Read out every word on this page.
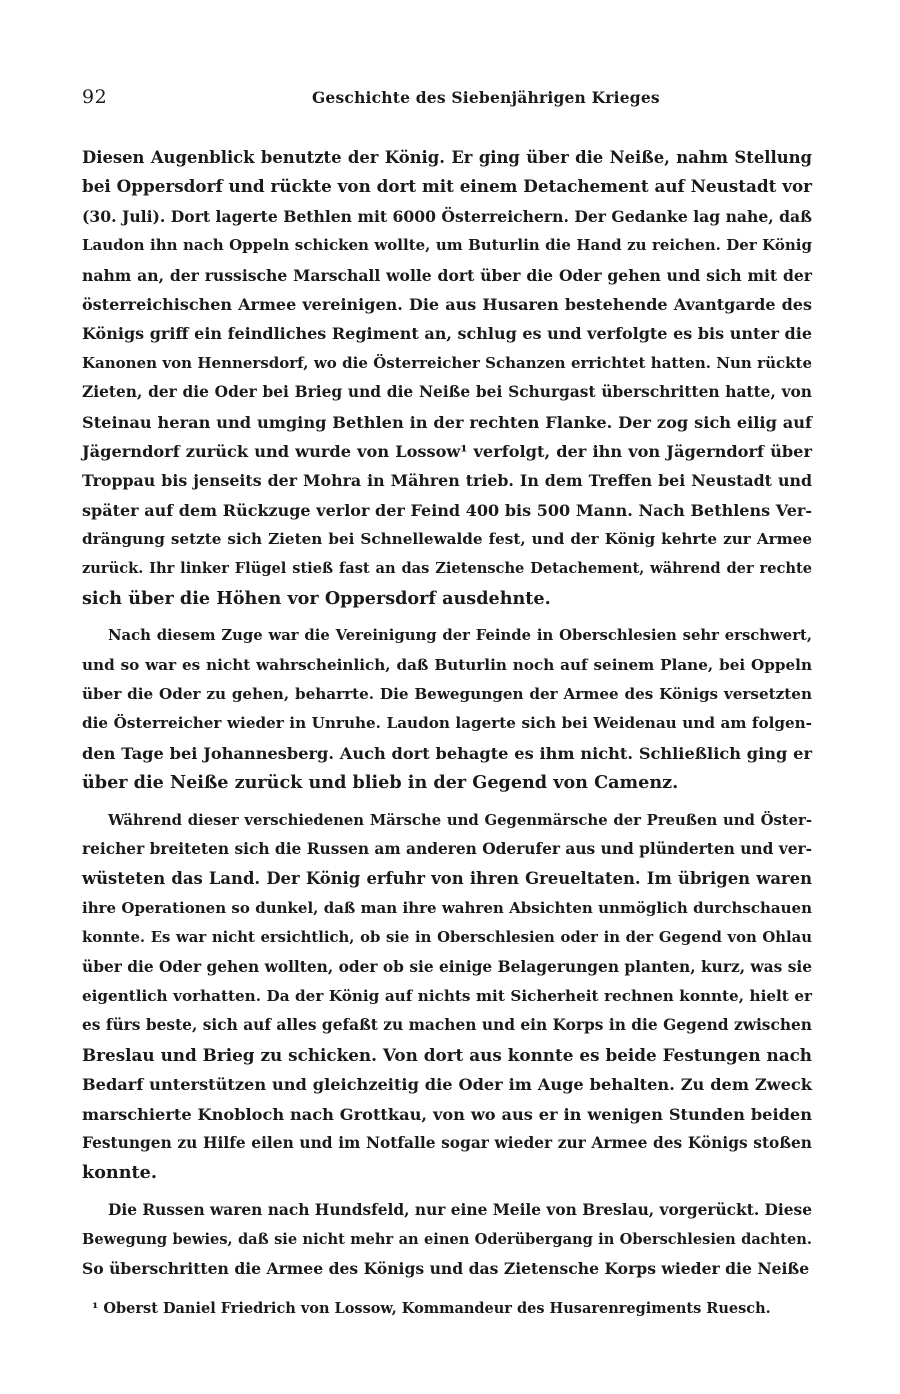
92	Geschichte des Siebenjährigen Krieges
Diesen Augenblick benutzte der König. Er ging über die Neiße, nahm Stellung
bei Oppersdorf und rückte von dort mit einem Detachement auf Neustadt vor
(30. Juli). Dort lagerte Bethlen mit 6000 Österreichern. Der Gedanke lag nahe, daß
Laudon ihn nach Oppeln schicken wollte, um Buturlin die Hand zu reichen. Der König
nahm an, der russische Marschall wolle dort über die Oder gehen und sich mit der
österreichischen Armee vereinigen. Die aus Husaren bestehende Avantgarde des
Königs griff ein feindliches Regiment an, schlug es und verfolgte es bis unter die
Kanonen von Hennersdorf, wo die Österreicher Schanzen errichtet hatten. Nun rückte
Zieten, der die Oder bei Brieg und die Neiße bei Schurgast überschritten hatte, von
Steinau heran und umging Bethlen in der rechten Flanke. Der zog sich eilig auf
Jägerndorf zurück und wurde von Lossow¹ verfolgt, der ihn von Jägerndorf über
Troppau bis jenseits der Mohra in Mähren trieb. In dem Treffen bei Neustadt und
später auf dem Rückzuge verlor der Feind 400 bis 500 Mann. Nach Bethlens Ver-
drängung setzte sich Zieten bei Schnellewalde fest, und der König kehrte zur Armee
zurück. Ihr linker Flügel stieß fast an das Zietensche Detachement, während der rechte
sich über die Höhen vor Oppersdorf ausdehnte.
Nach diesem Zuge war die Vereinigung der Feinde in Oberschlesien sehr erschwert,
und so war es nicht wahrscheinlich, daß Buturlin noch auf seinem Plane, bei Oppeln
über die Oder zu gehen, beharrte. Die Bewegungen der Armee des Königs versetzten
die Österreicher wieder in Unruhe. Laudon lagerte sich bei Weidenau und am folgen-
den Tage bei Johannesberg. Auch dort behagte es ihm nicht. Schließlich ging er
über die Neiße zurück und blieb in der Gegend von Camenz.
Während dieser verschiedenen Märsche und Gegenmärsche der Preußen und Öster-
reicher breiteten sich die Russen am anderen Oderufer aus und plünderten und ver-
wüsteten das Land. Der König erfuhr von ihren Greueltaten. Im übrigen waren
ihre Operationen so dunkel, daß man ihre wahren Absichten unmöglich durchschauen
konnte. Es war nicht ersichtlich, ob sie in Oberschlesien oder in der Gegend von Ohlau
über die Oder gehen wollten, oder ob sie einige Belagerungen planten, kurz, was sie
eigentlich vorhatten. Da der König auf nichts mit Sicherheit rechnen konnte, hielt er
es fürs beste, sich auf alles gefaßt zu machen und ein Korps in die Gegend zwischen
Breslau und Brieg zu schicken. Von dort aus konnte es beide Festungen nach
Bedarf unterstützen und gleichzeitig die Oder im Auge behalten. Zu dem Zweck
marschierte Knobloch nach Grottkau, von wo aus er in wenigen Stunden beiden
Festungen zu Hilfe eilen und im Notfalle sogar wieder zur Armee des Königs stoßen
konnte.
Die Russen waren nach Hundsfeld, nur eine Meile von Breslau, vorgerückt. Diese
Bewegung bewies, daß sie nicht mehr an einen Oderübergang in Oberschlesien dachten.
So überschritten die Armee des Königs und das Zietensche Korps wieder die Neiße
¹ Oberst Daniel Friedrich von Lossow, Kommandeur des Husarenregiments Ruesch.
